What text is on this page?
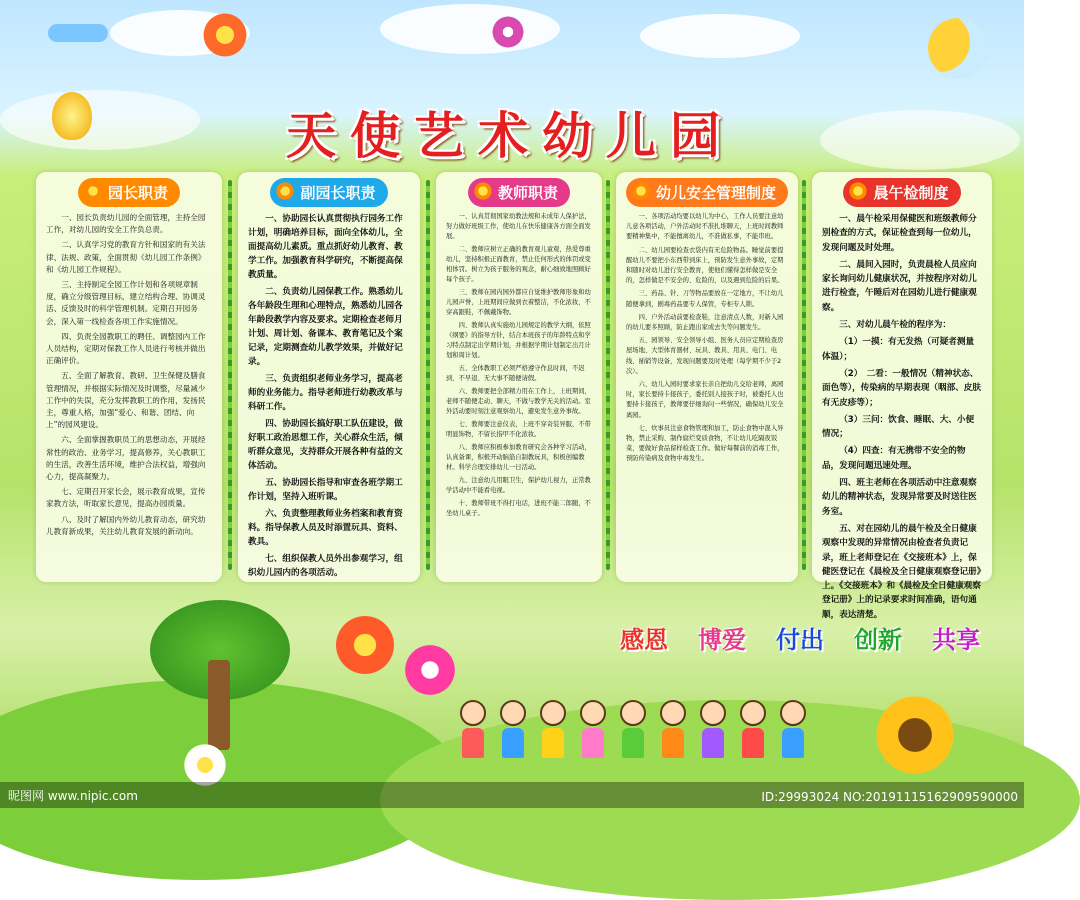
天使艺术幼儿园
园长职责

一、园长负责幼儿园的全面管理，主持全园工作，对幼儿园的安全工作负总责。

二、认真学习党的教育方针和国家的有关法律、法规、政策，全面贯彻《幼儿园工作条例》和《幼儿园工作规程》。

三、主持制定全园工作计划和各项规章制度，确立分级管理目标，建立结构合理、协调灵活、反馈及时的科学管理机制。定期召开园务会，深入第一线检查各项工作实施情况。

四、负责全园教职工的聘任、调整园内工作人员结构，定期对保教工作人员进行考核并做出正确评价。

五、全面了解教育、教研、卫生保健及膳食管理情况，并根据实际情况及时调整，尽量减少工作中的失误，充分发挥教职工的作用，发扬民主，尊重人格，加强“爱心、和谐、团结、向上”的园风建设。

六、全面掌握教职员工的思想动态，开展经常性的政治、业务学习，提高修养，关心教职工的生活，改善生活环境，维护合法权益，增强向心力，提高凝聚力。

七、定期召开家长会，展示教育成果，宣传家教方法，听取家长意见，提高办园质量。

八、及时了解国内外幼儿教育动态，研究幼儿教育新成果，关注幼儿教育发展的新动向。

副园长职责

一、协助园长认真贯彻执行园务工作计划，明确培养目标，面向全体幼儿，全面提高幼儿素质。重点抓好幼儿教育、教学工作。加强教育科学研究，不断提高保教质量。

二、负责幼儿园保教工作。熟悉幼儿各年龄段生理和心理特点，熟悉幼儿园各年龄段教学内容及要求。定期检查老师月计划、周计划、备课本、教育笔记及个案记录，定期测查幼儿教学效果，并做好记录。

三、负责组织老师业务学习，提高老师的业务能力。指导老师进行幼教改革与科研工作。

四、协助园长搞好职工队伍建设，做好职工政治思想工作，关心群众生活，倾听群众意见，支持群众开展各种有益的文体活动。

五、协助园长指导和审查各班学期工作计划，坚持入班听课。

六、负责整理教师业务档案和教育资料。指导保教人员及时添置玩具、资料、教具。

七、组织保教人员外出参观学习，组织幼儿园内的各项活动。

教师职责

一、认真贯彻国家幼教法规和未成年人保护法，努力做好班级工作，使幼儿在快乐健康各方面全面发展。

二、教师应树立正确的教育观儿童观，热爱尊重幼儿，坚持积极正面教育，禁止任何形式的体罚或变相体罚。树立为孩子服务的观念，耐心细致地照顾好每个孩子。

三、教师在园内园外都应自觉维护教师形象和幼儿园声誉，上班期间应做到衣着整洁，不化浓妆，不穿高跟鞋，不佩戴饰物。

四、教师认真实施幼儿园规定的教学大纲，依照《纲要》的指导方针，结合本班孩子的年龄特点和学习特点制定出学期计划，并根据学期计划制定出月计划和周计划。

五、全体教职工必须严格遵守作息时间，不迟到、不早退、无大事不随便请假。

六、教师要把全部精力用在工作上，上班期间，老师不随便走动、聊天，不做与教学无关的活动。室外活动要时刻注意观察幼儿，避免发生意外事故。

七、教师要注意仪表，上班不穿奇装异服，不带明显饰物，不留长指甲不化浓妆。

八、教师应积极参加教育研究会各种学习活动，认真备课，积极开动脑筋自制教玩具，积极创编教材。科学合理安排幼儿一日活动。

九、注意幼儿用眼卫生，保护幼儿视力，正常教学活动中不能看电视。

十、教师带班不得打电话，进班不能二郎腿，不坐幼儿桌子。

幼儿安全管理制度

一、各项活动均要以幼儿为中心，工作人员要注意幼儿意各项活动，户外活动时不准扎堆聊天，上班时间教师要精神集中，不能擅离幼儿，不准做私事，不能串班。

二、幼儿园要检查衣袋内有无危险物品。睡觉前要提醒幼儿不要把小东西带到床上，预防发生意外事故，定期和随时对幼儿进行安全教育，使他们懂得怎样做是安全的，怎样做是不安全的、危险的，以及遇到危险的后果。

三、药品、针、刀等物品要放在一定地方，不让幼儿随便拿到，剧毒药品要专人保管，专柜专人锁。

四、户外活动前要检查鞋，注意清点人数，对新入园的幼儿要多照顾，防止跑出家或去失等问题发生。

五、园领导、安全领导小组、医务人员应定期检查房屋场地、大型体育器材、玩具、教具、用具、电门、电线、插销等设备，发现问题要及时处理（每学期不少于2次）。

六、幼儿入园时要求家长亲自把幼儿交给老师，离园时，家长要持卡接孩子，委托别人接孩子时，被委托人也要持卡接孩子，教师要仔细询问一些情况，确保幼儿安全离园。

七、炊事员注意食物管理和加工，防止食物中混入异物，禁止采购、制作腐烂变质食物，不让幼儿吃隔夜饭菜，要做好食品留样检查工作。做好每餐前的消毒工作，预防传染病及食物中毒发生。

晨午检制度

一、晨午检采用保健医和班级教师分别检查的方式，保证检查到每一位幼儿，发现问题及时处理。

二、晨间入园时，负责晨检人员应向家长询问幼儿健康状况，并按程序对幼儿进行检查，午睡后对在园幼儿进行健康观察。

三、对幼儿晨午检的程序为：

（1）一摸：有无发热（可疑者测量体温）；

（2）　二看：一般情况（精神状态、面色等），传染病的早期表现（咽部、皮肤有无皮疹等）；

（3）三问：饮食、睡眠、大、小便情况；

（4）四查：有无携带不安全的物品，发现问题迅速处理。

四、班主老师在各项活动中注意观察幼儿的精神状态，发现异常要及时送往医务室。

五、对在园幼儿的晨午检及全日健康观察中发现的异常情况由检查者负责记录，班上老师登记在《交接班本》上，保健医登记在《晨检及全日健康观察登记册》上。《交接班本》和《晨检及全日健康观察登记册》上的记录要求时间准确，语句通顺，表达清楚。

感恩 博爱 付出 创新 共享
昵图网 www.nipic.com	ID:29993024 NO:20191115162909590000
